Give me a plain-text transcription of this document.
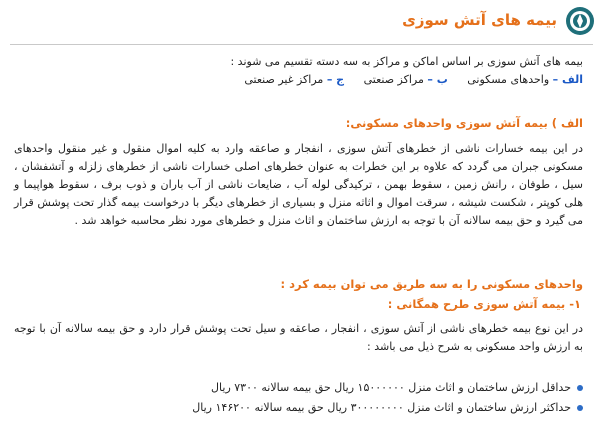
بیمه های آتش سوزی
بیمه های آتش سوزی بر اساس اماکن و مراکز به سه دسته تقسیم می شوند :
الف – واحدهای مسکونی ب – مراکز صنعتی ج – مراکز غیر صنعتی
الف ) بیمه آتش سوزی واحدهای مسکونی:
در این بیمه خسارات ناشی از خطرهای آتش سوزی ، انفجار و صاعقه وارد به کلیه اموال منقول و غیر منقول واحدهای مسکونی جبران می گردد که علاوه بر این خطرات به عنوان خطرهای اصلی خسارات ناشی از خطرهای زلزله و آتشفشان ، سیل ، طوفان ، رانش زمین ، سقوط بهمن ، ترکیدگی لوله آب ، ضایعات ناشی از آب باران و ذوب برف ، سقوط هواپیما و هلی کوپتر ، شکست شیشه ، سرقت اموال و اثاثه منزل و بسیاری از خطرهای دیگر با درخواست بیمه گذار تحت پوشش قرار می گیرد و حق بیمه سالانه آن با توجه به ارزش ساختمان و اثاث منزل و خطرهای مورد نظر محاسبه خواهد شد .
واحدهای مسکونی را به سه طریق می توان بیمه کرد :
۱- بیمه آتش سوزی طرح همگانی :
در این نوع بیمه خطرهای ناشی از آتش سوزی ، انفجار ، صاعقه و سیل تحت پوشش قرار دارد و حق بیمه سالانه آن با توجه به ارزش واحد مسکونی به شرح ذیل می باشد :
حداقل ارزش ساختمان و اثاث منزل ۱۵۰۰۰۰۰۰ ریال حق بیمه سالانه ۷۳۰۰ ریال
حداکثر ارزش ساختمان و اثاث منزل ۳۰۰۰۰۰۰۰۰ ریال حق بیمه سالانه ۱۴۶۲۰۰ ریال
